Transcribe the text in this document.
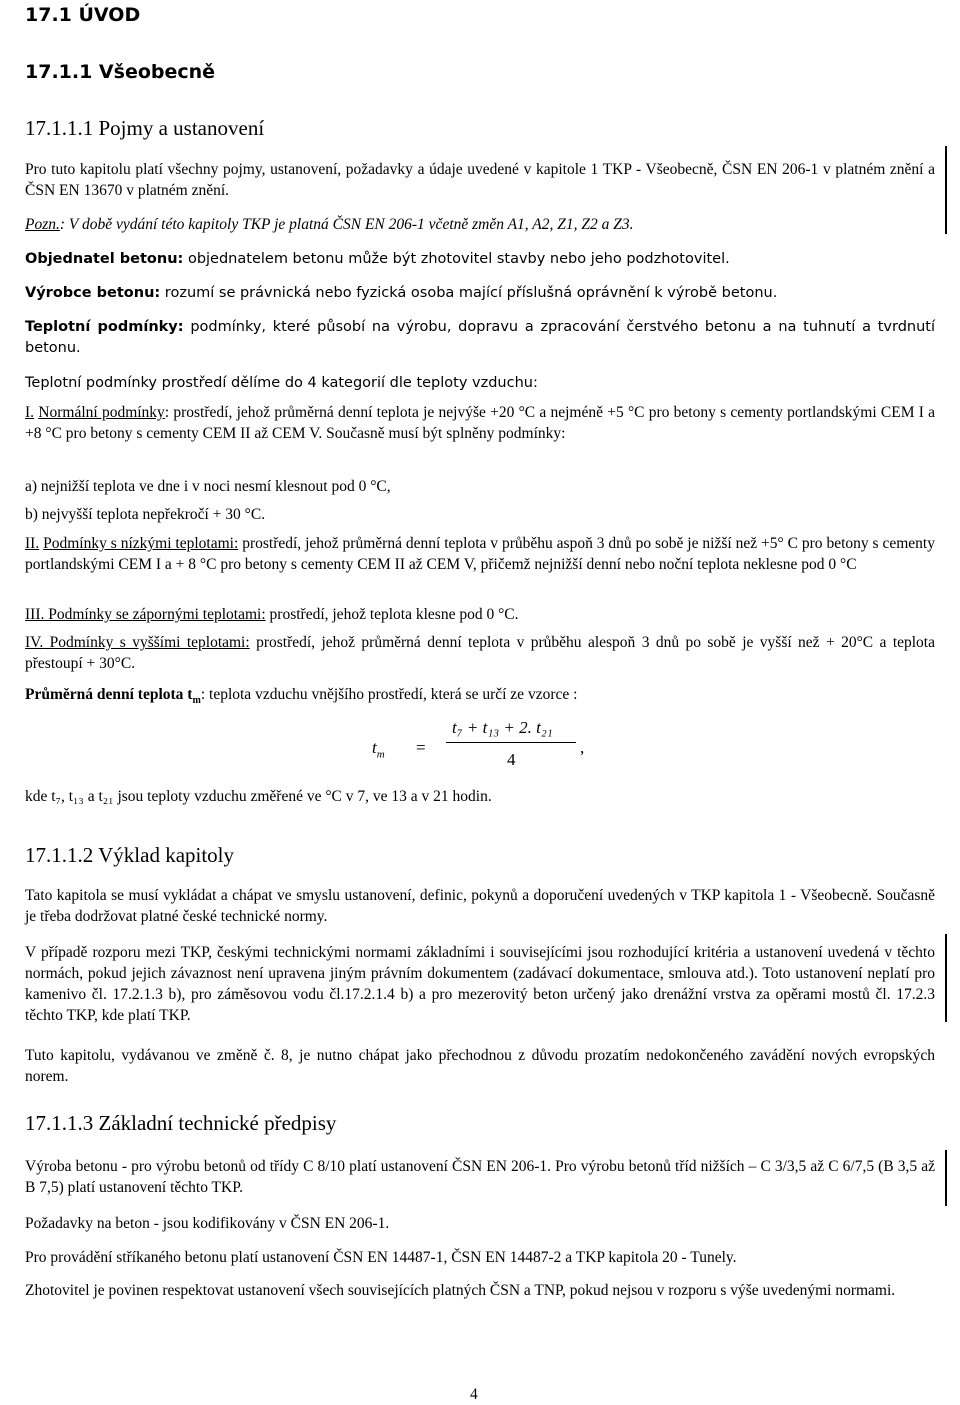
17.1 ÚVOD
17.1.1 Všeobecně
17.1.1.1 Pojmy a ustanovení
Pro tuto kapitolu platí všechny pojmy, ustanovení, požadavky a údaje uvedené v kapitole 1 TKP - Všeobecně, ČSN EN 206-1 v platném znění a ČSN EN 13670 v platném znění.
Pozn.: V době vydání této kapitoly TKP je platná ČSN EN 206-1 včetně změn A1, A2, Z1, Z2 a Z3.
Objednatel betonu: objednatelem betonu může být zhotovitel stavby nebo jeho podzhotovitel.
Výrobce betonu: rozumí se právnická nebo fyzická osoba mající příslušná oprávnění k výrobě betonu.
Teplotní podmínky: podmínky, které působí na výrobu, dopravu a zpracování čerstvého betonu a na tuhnutí a tvrdnutí betonu.
Teplotní podmínky prostředí dělíme do 4 kategorií dle teploty vzduchu:
I. Normální podmínky: prostředí, jehož průměrná denní teplota je nejvýše +20 °C a nejméně +5 °C pro betony s cementy portlandskými CEM I a +8 °C pro betony s cementy CEM II až CEM V. Současně musí být splněny podmínky:
a) nejnižší teplota ve dne i v noci nesmí klesnout pod 0 °C,
b) nejvyšší teplota nepřekročí + 30 °C.
II. Podmínky s nízkými teplotami: prostředí, jehož průměrná denní teplota v průběhu aspoň 3 dnů po sobě je nižší než +5° C pro betony s cementy portlandskými CEM I a + 8 °C pro betony s cementy CEM II až CEM V, přičemž nejnižší denní nebo noční teplota neklesne pod 0 °C
III. Podmínky se zápornými teplotami: prostředí, jehož teplota klesne pod 0 °C.
IV. Podmínky s vyššími teplotami: prostředí, jehož průměrná denní teplota v průběhu alespoň 3 dnů po sobě je vyšší než + 20°C a teplota přestoupí + 30°C.
Průměrná denní teplota $t_m$: teplota vzduchu vnějšího prostředí, která se určí ze vzorce :
$t_m$ =
t₇ + t₁₃ + 2. t₂₁
4
,
kde t₇, t₁₃ a t₂₁ jsou teploty vzduchu změřené ve °C v 7, ve 13 a v 21 hodin.
17.1.1.2 Výklad kapitoly
Tato kapitola se musí vykládat a chápat ve smyslu ustanovení, definic, pokynů a doporučení uvedených v TKP kapitola 1 - Všeobecně. Současně je třeba dodržovat platné české technické normy.
V případě rozporu mezi TKP, českými technickými normami základními i souvisejícími jsou rozhodující kritéria a ustanovení uvedená v těchto normách, pokud jejich závaznost není upravena jiným právním dokumentem (zadávací dokumentace, smlouva atd.). Toto ustanovení neplatí pro kamenivo čl. 17.2.1.3 b), pro záměsovou vodu čl.17.2.1.4 b) a pro mezerovitý beton určený jako drenážní vrstva za opěrami mostů čl. 17.2.3 těchto TKP, kde platí TKP.
Tuto kapitolu, vydávanou ve změně č. 8, je nutno chápat jako přechodnou z důvodu prozatím nedokončeného zavádění nových evropských norem.
17.1.1.3 Základní technické předpisy
Výroba betonu - pro výrobu betonů od třídy C 8/10 platí ustanovení ČSN EN 206-1. Pro výrobu betonů tříd nižších – C 3/3,5 až C 6/7,5 (B 3,5 až B 7,5) platí ustanovení těchto TKP.
Požadavky na beton - jsou kodifikovány v ČSN EN 206-1.
Pro provádění stříkaného betonu platí ustanovení ČSN EN 14487-1, ČSN EN 14487-2 a TKP kapitola 20 - Tunely.
Zhotovitel je povinen respektovat ustanovení všech souvisejících platných ČSN a TNP, pokud nejsou v rozporu s výše uvedenými normami.
4
